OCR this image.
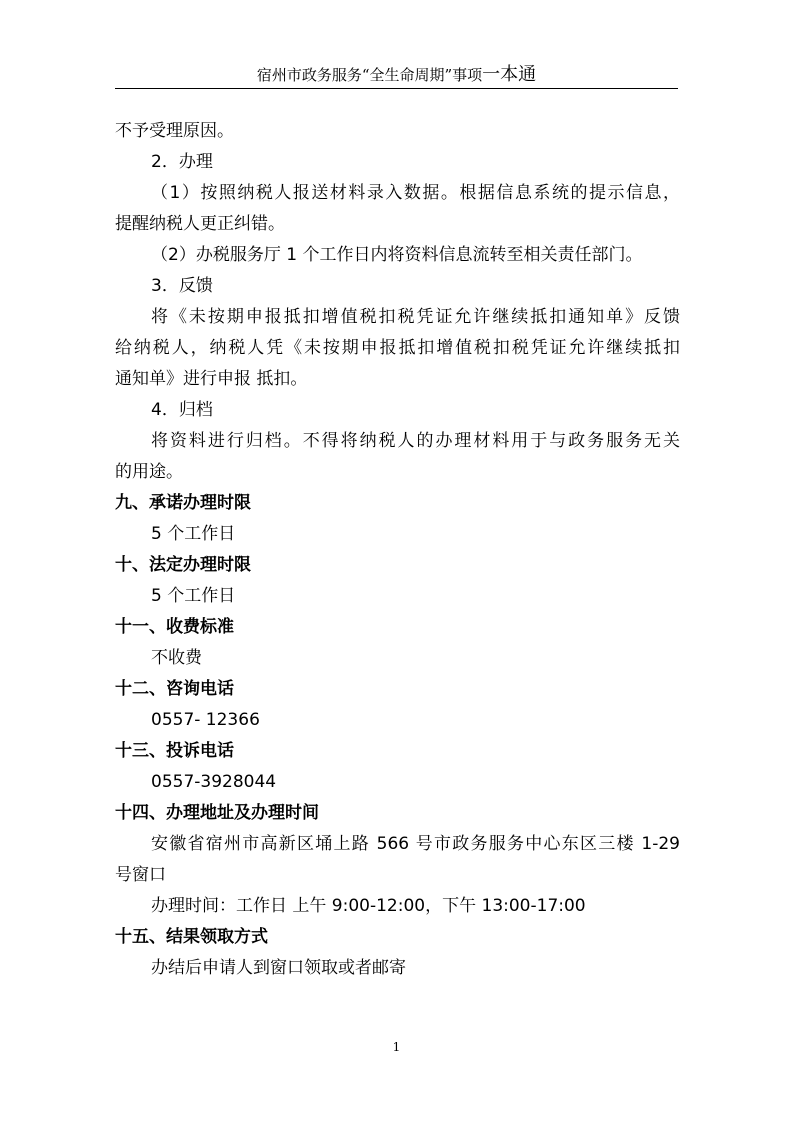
宿州市政务服务“全生命周期”事项一本通
不予受理原因。
2．办理
（1）按照纳税人报送材料录入数据。根据信息系统的提示信息，
提醒纳税人更正纠错。
（2）办税服务厅 1 个工作日内将资料信息流转至相关责任部门。
3．反馈
将《未按期申报抵扣增值税扣税凭证允许继续抵扣通知单》反馈
给纳税人，纳税人凭《未按期申报抵扣增值税扣税凭证允许继续抵扣
通知单》进行申报 抵扣。
4．归档
将资料进行归档。不得将纳税人的办理材料用于与政务服务无关
的用途。
九、承诺办理时限
5 个工作日
十、法定办理时限
5 个工作日
十一、收费标准
不收费
十二、咨询电话
0557- 12366
十三、投诉电话
0557-3928044
十四、办理地址及办理时间
安徽省宿州市高新区埇上路 566 号市政务服务中心东区三楼 1-29
号窗口
办理时间：工作日 上午 9:00-12:00，下午 13:00-17:00
十五、结果领取方式
办结后申请人到窗口领取或者邮寄
1
